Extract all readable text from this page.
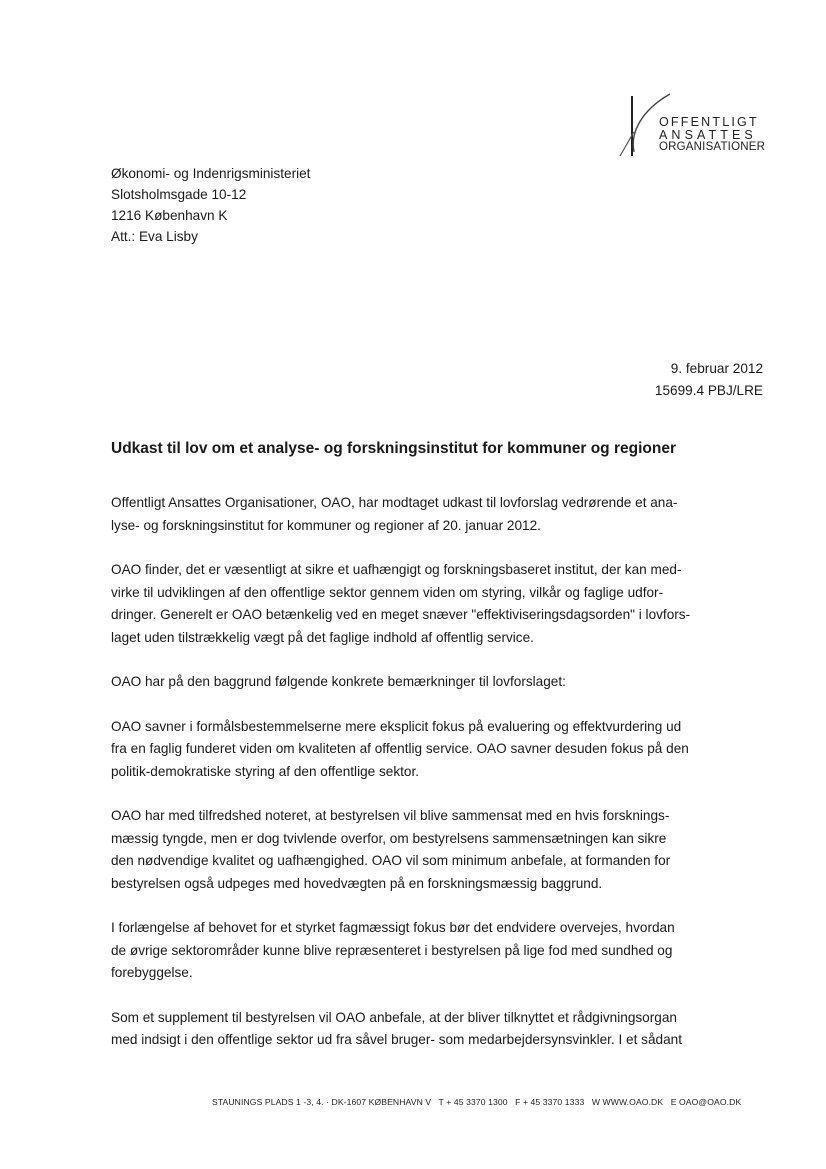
OFFENTLIGT
ANSATTES
ORGANISATIONER
Økonomi- og Indenrigsministeriet
Slotsholmsgade 10-12
1216 København K
Att.: Eva Lisby
9. februar 2012
15699.4 PBJ/LRE
Udkast til lov om et analyse- og forskningsinstitut for kommuner og regioner
Offentligt Ansattes Organisationer, OAO, har modtaget udkast til lovforslag vedrørende et ana-
lyse- og forskningsinstitut for kommuner og regioner af 20. januar 2012.
OAO finder, det er væsentligt at sikre et uafhængigt og forskningsbaseret institut, der kan med-
virke til udviklingen af den offentlige sektor gennem viden om styring, vilkår og faglige udfor-
dringer. Generelt er OAO betænkelig ved en meget snæver "effektiviseringsdagsorden" i lovfors-
laget uden tilstrækkelig vægt på det faglige indhold af offentlig service.
OAO har på den baggrund følgende konkrete bemærkninger til lovforslaget:
OAO savner i formålsbestemmelserne mere eksplicit fokus på evaluering og effektvurdering ud
fra en faglig funderet viden om kvaliteten af offentlig service. OAO savner desuden fokus på den
politik-demokratiske styring af den offentlige sektor.
OAO har med tilfredshed noteret, at bestyrelsen vil blive sammensat med en hvis forsknings-
mæssig tyngde, men er dog tvivlende overfor, om bestyrelsens sammensætningen kan sikre
den nødvendige kvalitet og uafhængighed. OAO vil som minimum anbefale, at formanden for
bestyrelsen også udpeges med hovedvægten på en forskningsmæssig baggrund.
I forlængelse af behovet for et styrket fagmæssigt fokus bør det endvidere overvejes, hvordan
de øvrige sektorområder kunne blive repræsenteret i bestyrelsen på lige fod med sundhed og
forebyggelse.
Som et supplement til bestyrelsen vil OAO anbefale, at der bliver tilknyttet et rådgivningsorgan
med indsigt i den offentlige sektor ud fra såvel bruger- som medarbejdersynsvinkler. I et sådant
STAUNINGS PLADS 1 -3, 4. · DK-1607 KØBENHAVN V T + 45 3370 1300 F + 45 3370 1333 W WWW.OAO.DK E OAO@OAO.DK
